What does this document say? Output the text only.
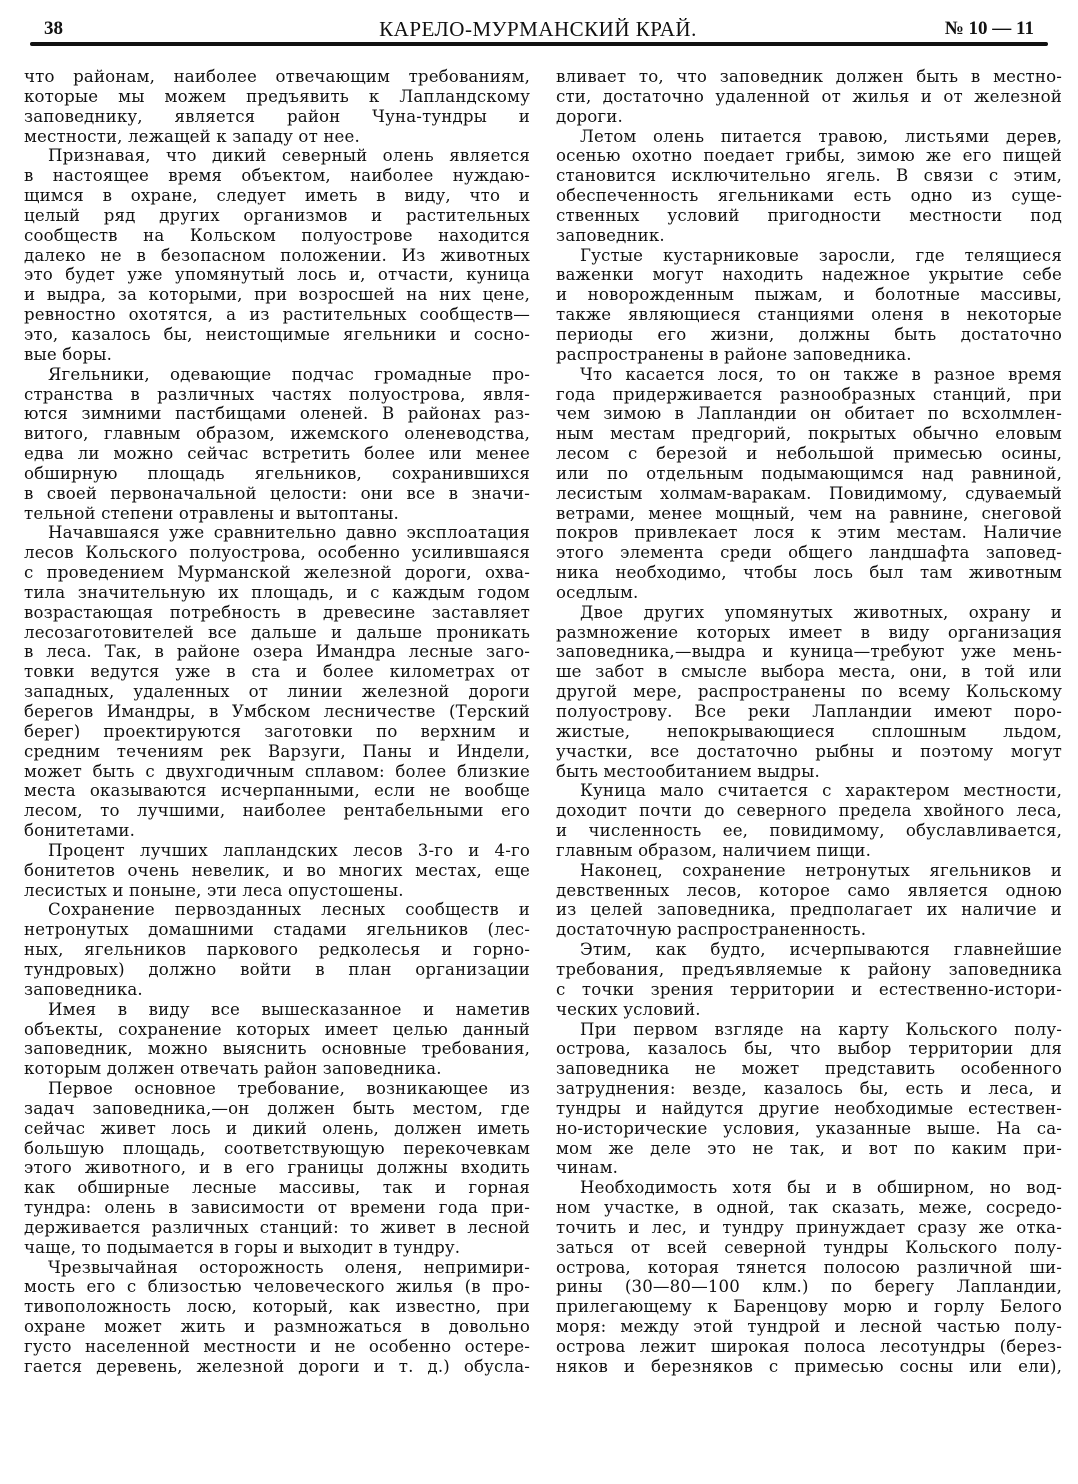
38	КАРЕЛО-МУРМАНСКИЙ КРАЙ.	№ 10 — 11
что районам, наиболее отвечающим требованиям,
которые мы можем предъявить к Лапландскому
заповеднику, является район Чуна-тундры и
местности, лежащей к западу от нее.
Признавая, что дикий северный олень является
в настоящее время объектом, наиболее нуждаю-
щимся в охране, следует иметь в виду, что и
целый ряд других организмов и растительных
сообществ на Кольском полуострове находится
далеко не в безопасном положении. Из животных
это будет уже упомянутый лось и, отчасти, куница
и выдра, за которыми, при возросшей на них цене,
ревностно охотятся, а из растительных сообществ—
это, казалось бы, неистощимые ягельники и сосно-
вые боры.
Ягельники, одевающие подчас громадные про-
странства в различных частях полуострова, явля-
ются зимними пастбищами оленей. В районах раз-
витого, главным образом, ижемского оленеводства,
едва ли можно сейчас встретить более или менее
обширную площадь ягельников, сохранившихся
в своей первоначальной целости: они все в значи-
тельной степени отравлены и вытоптаны.
Начавшаяся уже сравнительно давно эксплоатация
лесов Кольского полуострова, особенно усилившаяся
с проведением Мурманской железной дороги, охва-
тила значительную их площадь, и с каждым годом
возрастающая потребность в древесине заставляет
лесозаготовителей все дальше и дальше проникать
в леса. Так, в районе озера Имандра лесные заго-
товки ведутся уже в ста и более километрах от
западных, удаленных от линии железной дороги
берегов Имандры, в Умбском лесничестве (Терский
берег) проектируются заготовки по верхним и
средним течениям рек Варзуги, Паны и Индели,
может быть с двухгодичным сплавом: более близкие
места оказываются исчерпанными, если не вообще
лесом, то лучшими, наиболее рентабельными его
бонитетами.
Процент лучших лапландских лесов 3-го и 4-го
бонитетов очень невелик, и во многих местах, еще
лесистых и поныне, эти леса опустошены.
Сохранение первозданных лесных сообществ и
нетронутых домашними стадами ягельников (лес-
ных, ягельников паркового редколесья и горно-
тундровых) должно войти в план организации
заповедника.
Имея в виду все вышесказанное и наметив
объекты, сохранение которых имеет целью данный
заповедник, можно выяснить основные требования,
которым должен отвечать район заповедника.
Первое основное требование, возникающее из
задач заповедника,—он должен быть местом, где
сейчас живет лось и дикий олень, должен иметь
большую площадь, соответствующую перекочевкам
этого животного, и в его границы должны входить
как обширные лесные массивы, так и горная
тундра: олень в зависимости от времени года при-
держивается различных станций: то живет в лесной
чаще, то подымается в горы и выходит в тундру.
Чрезвычайная осторожность оленя, непримири-
мость его с близостью человеческого жилья (в про-
тивоположность лосю, который, как известно, при
охране может жить и размножаться в довольно
густо населенной местности и не особенно остере-
гается деревень, железной дороги и т. д.) обусла-
вливает то, что заповедник должен быть в местно-
сти, достаточно удаленной от жилья и от железной
дороги.
Летом олень питается травою, листьями дерев,
осенью охотно поедает грибы, зимою же его пищей
становится исключительно ягель. В связи с этим,
обеспеченность ягельниками есть одно из суще-
ственных условий пригодности местности под
заповедник.
Густые кустарниковые заросли, где телящиеся
важенки могут находить надежное укрытие себе
и новорожденным пыжам, и болотные массивы,
также являющиеся станциями оленя в некоторые
периоды его жизни, должны быть достаточно
распространены в районе заповедника.
Что касается лося, то он также в разное время
года придерживается разнообразных станций, при
чем зимою в Лапландии он обитает по всхолмлен-
ным местам предгорий, покрытых обычно еловым
лесом с березой и небольшой примесью осины,
или по отдельным подымающимся над равниной,
лесистым холмам-варакам. Повидимому, сдуваемый
ветрами, менее мощный, чем на равнине, снеговой
покров привлекает лося к этим местам. Наличие
этого элемента среди общего ландшафта заповед-
ника необходимо, чтобы лось был там животным
оседлым.
Двое других упомянутых животных, охрану и
размножение которых имеет в виду организация
заповедника,—выдра и куница—требуют уже мень-
ше забот в смысле выбора места, они, в той или
другой мере, распространены по всему Кольскому
полуострову. Все реки Лапландии имеют поро-
жистые, непокрывающиеся сплошным льдом,
участки, все достаточно рыбны и поэтому могут
быть местообитанием выдры.
Куница мало считается с характером местности,
доходит почти до северного предела хвойного леса,
и численность ее, повидимому, обуславливается,
главным образом, наличием пищи.
Наконец, сохранение нетронутых ягельников и
девственных лесов, которое само является одною
из целей заповедника, предполагает их наличие и
достаточную распространенность.
Этим, как будто, исчерпываются главнейшие
требования, предъявляемые к району заповедника
с точки зрения территории и естественно-истори-
ческих условий.
При первом взгляде на карту Кольского полу-
острова, казалось бы, что выбор территории для
заповедника не может представить особенного
затруднения: везде, казалось бы, есть и леса, и
тундры и найдутся другие необходимые естествен-
но-исторические условия, указанные выше. На са-
мом же деле это не так, и вот по каким при-
чинам.
Необходимость хотя бы и в обширном, но вод-
ном участке, в одной, так сказать, меже, сосредо-
точить и лес, и тундру принуждает сразу же отка-
заться от всей северной тундры Кольского полу-
острова, которая тянется полосою различной ши-
рины (30—80—100 клм.) по берегу Лапландии,
прилегающему к Баренцову морю и горлу Белого
моря: между этой тундрой и лесной частью полу-
острова лежит широкая полоса лесотундры (берез-
няков и березняков с примесью сосны или ели),
